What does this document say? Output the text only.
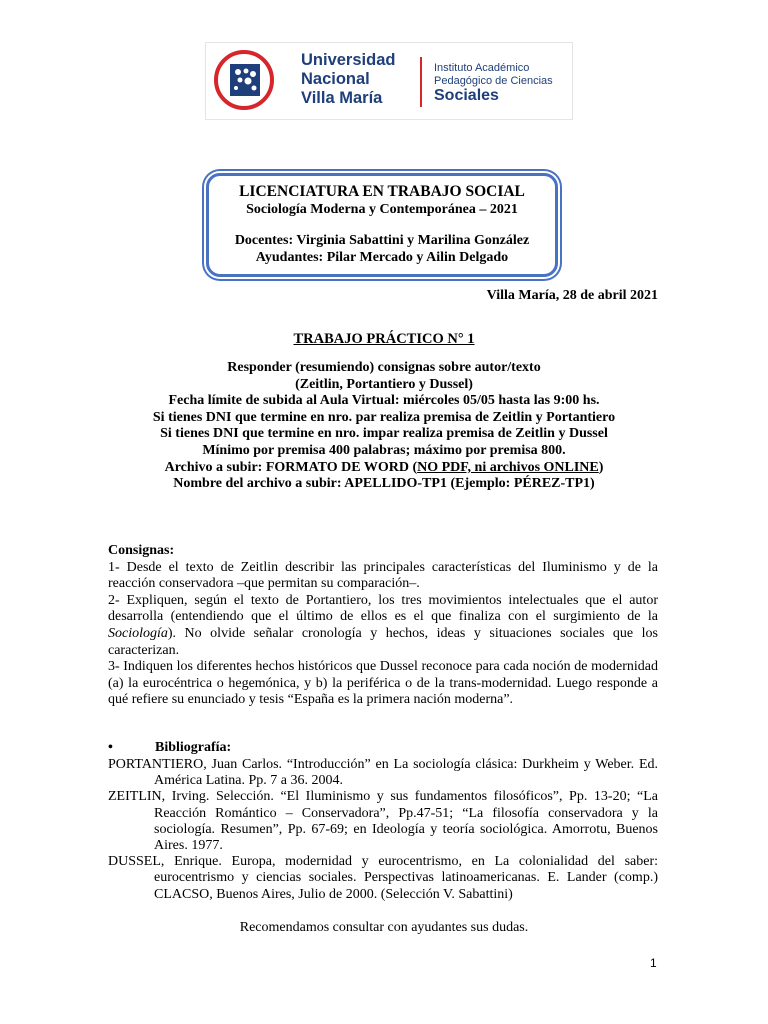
Universidad
Nacional
Villa María
Instituto Académico
Pedagógico de Ciencias
Sociales
LICENCIATURA EN TRABAJO SOCIAL
Sociología Moderna y Contemporánea – 2021
Docentes: Virginia Sabattini y Marilina González
Ayudantes: Pilar Mercado y Ailin Delgado
Villa María, 28 de abril 2021
TRABAJO PRÁCTICO N° 1
Responder (resumiendo) consignas sobre autor/texto
(Zeitlin, Portantiero y Dussel)
Fecha límite de subida al Aula Virtual: miércoles 05/05 hasta las 9:00 hs.
Si tienes DNI que termine en nro. par realiza premisa de Zeitlin y Portantiero
Si tienes DNI que termine en nro. impar realiza premisa de Zeitlin y Dussel
Mínimo por premisa 400 palabras; máximo por premisa 800.
Archivo a subir: FORMATO DE WORD (NO PDF, ni archivos ONLINE)
Nombre del archivo a subir: APELLIDO-TP1 (Ejemplo: PÉREZ-TP1)

Consignas:

1- Desde el texto de Zeitlin describir las principales características del Iluminismo y de la reacción conservadora –que permitan su comparación–.

2- Expliquen, según el texto de Portantiero, los tres movimientos intelectuales que el autor desarrolla (entendiendo que el último de ellos es el que finaliza con el surgimiento de la Sociología). No olvide señalar cronología y hechos, ideas y situaciones sociales que los caracterizan.

3- Indiquen los diferentes hechos históricos que Dussel reconoce para cada noción de modernidad (a) la eurocéntrica o hegemónica, y b) la periférica o de la trans-modernidad. Luego responde a qué refiere su enunciado y tesis “España es la primera nación moderna”.

•	Bibliografía:

PORTANTIERO, Juan Carlos. “Introducción” en La sociología clásica: Durkheim y Weber. Ed. América Latina. Pp. 7 a 36. 2004.

ZEITLIN, Irving. Selección. “El Iluminismo y sus fundamentos filosóficos”, Pp. 13-20; “La Reacción Romántico – Conservadora”, Pp.47-51; “La filosofía conservadora y la sociología. Resumen”, Pp. 67-69; en Ideología y teoría sociológica. Amorrotu, Buenos Aires. 1977.

DUSSEL, Enrique. Europa, modernidad y eurocentrismo, en La colonialidad del saber: eurocentrismo y ciencias sociales. Perspectivas latinoamericanas. E. Lander (comp.) CLACSO, Buenos Aires, Julio de 2000. (Selección V. Sabattini)

Recomendamos consultar con ayudantes sus dudas.
1
